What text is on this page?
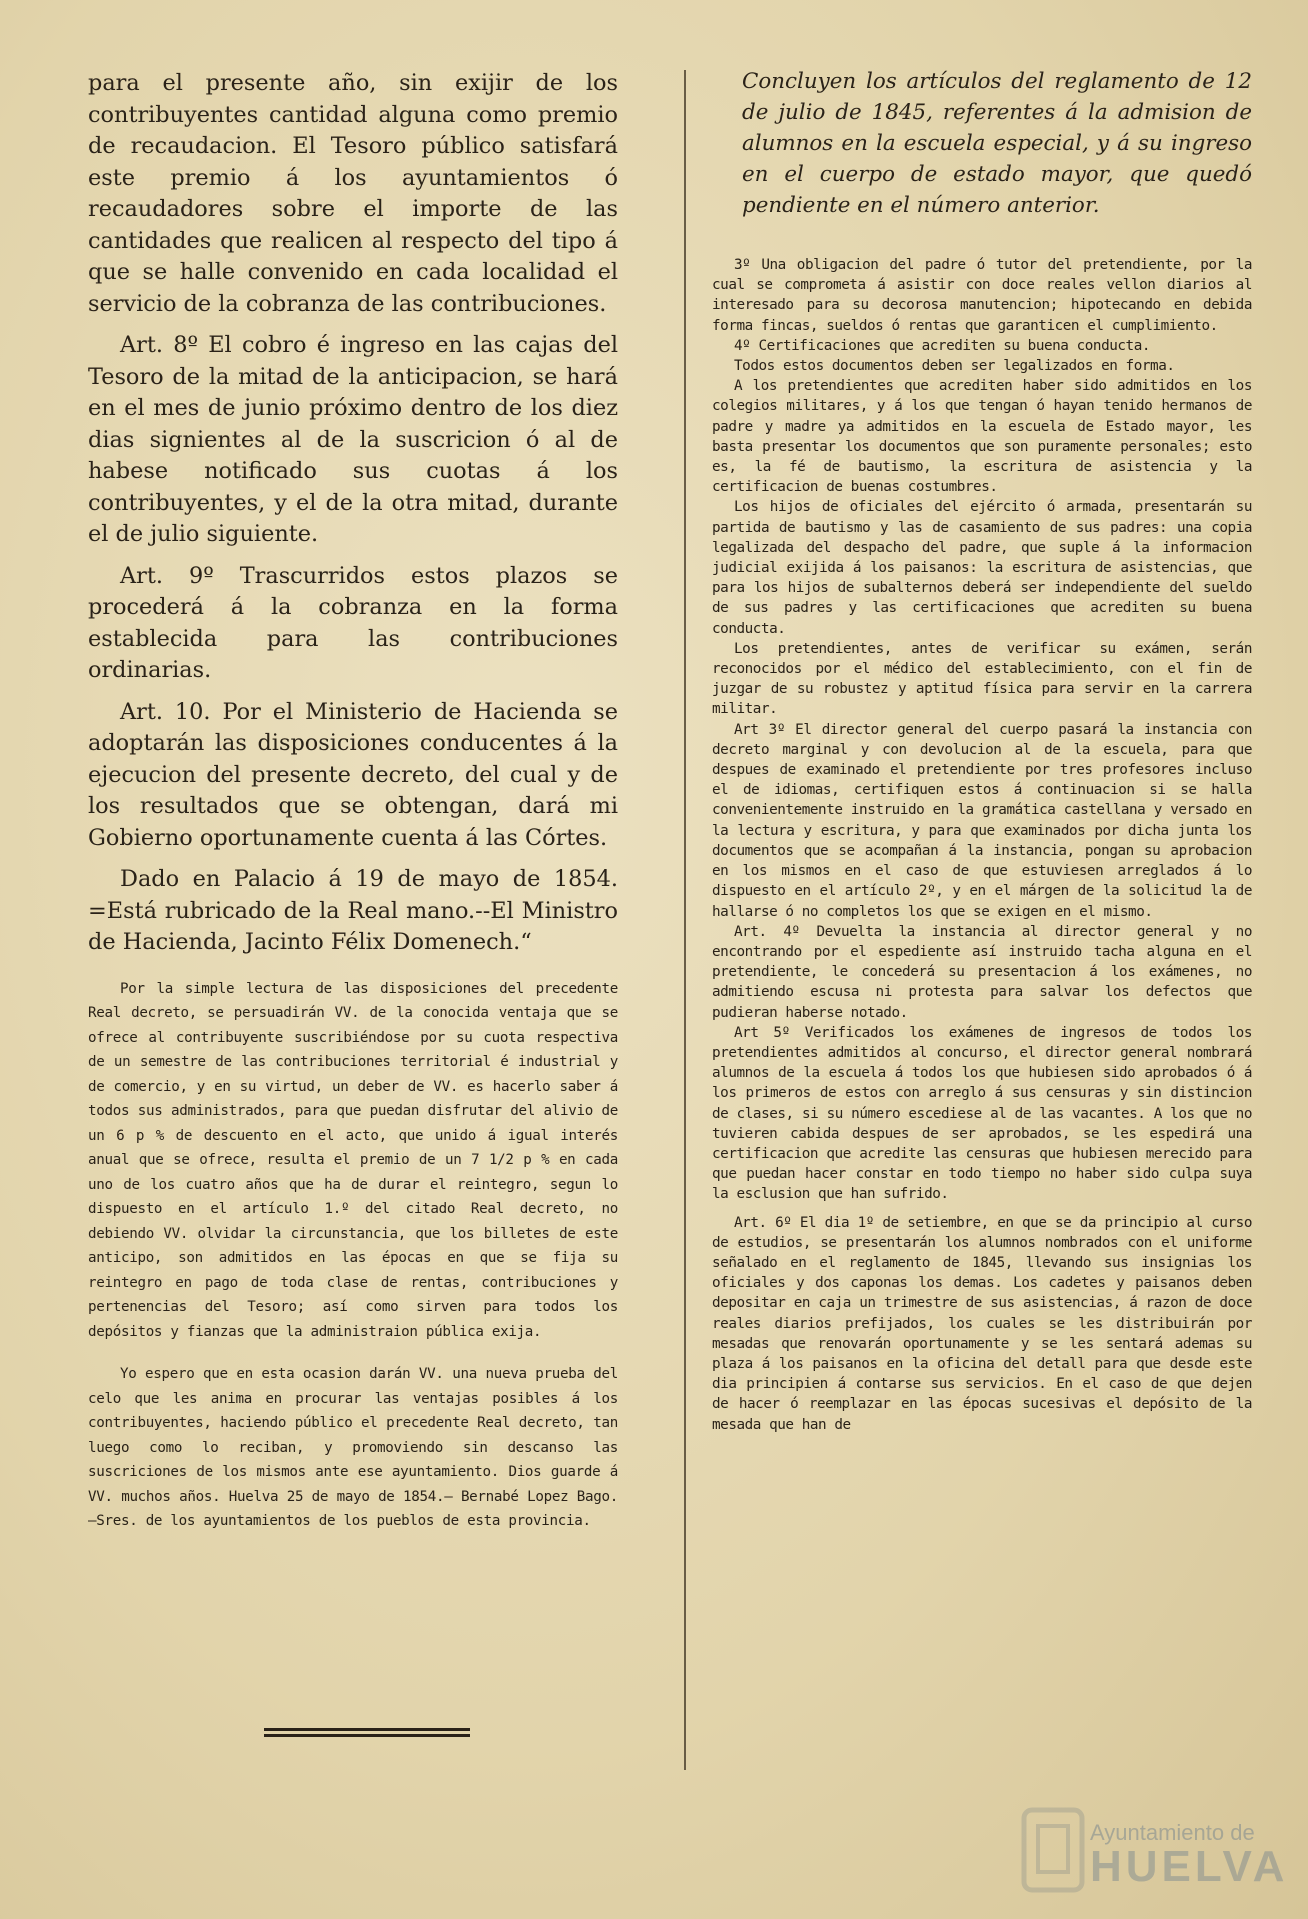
para el presente año, sin exijir de los contribuyentes cantidad alguna como premio de recaudacion. El Tesoro público satisfará este premio á los ayuntamientos ó recaudadores sobre el importe de las cantidades que realicen al respecto del tipo á que se halle convenido en cada localidad el servicio de la cobranza de las contribuciones.

Art. 8º El cobro é ingreso en las cajas del Tesoro de la mitad de la anticipacion, se hará en el mes de junio próximo dentro de los diez dias signientes al de la suscricion ó al de habese notificado sus cuotas á los contribuyentes, y el de la otra mitad, durante el de julio siguiente.

Art. 9º Trascurridos estos plazos se procederá á la cobranza en la forma establecida para las contribuciones ordinarias.

Art. 10. Por el Ministerio de Hacienda se adoptarán las disposiciones conducentes á la ejecucion del presente decreto, del cual y de los resultados que se obtengan, dará mi Gobierno oportunamente cuenta á las Córtes.

Dado en Palacio á 19 de mayo de 1854. =Está rubricado de la Real mano.--El Ministro de Hacienda, Jacinto Félix Domenech.“

Por la simple lectura de las disposiciones del precedente Real decreto, se persuadirán VV. de la conocida ventaja que se ofrece al contribuyente suscribiéndose por su cuota respectiva de un semestre de las contribuciones territorial é industrial y de comercio, y en su virtud, un deber de VV. es hacerlo saber á todos sus administrados, para que puedan disfrutar del alivio de un 6 p % de descuento en el acto, que unido á igual interés anual que se ofrece, resulta el premio de un 7 1/2 p % en cada uno de los cuatro años que ha de durar el reintegro, segun lo dispuesto en el artículo 1.º del citado Real decreto, no debiendo VV. olvidar la circunstancia, que los billetes de este anticipo, son admitidos en las épocas en que se fija su reintegro en pago de toda clase de rentas, contribuciones y pertenencias del Tesoro; así como sirven para todos los depósitos y fianzas que la administraion pública exija.

Yo espero que en esta ocasion darán VV. una nueva prueba del celo que les anima en procurar las ventajas posibles á los contribuyentes, haciendo público el precedente Real decreto, tan luego como lo reciban, y promoviendo sin descanso las suscriciones de los mismos ante ese ayuntamiento. Dios guarde á VV. muchos años. Huelva 25 de mayo de 1854.— Bernabé Lopez Bago.—Sres. de los ayuntamientos de los pueblos de esta provincia.

Concluyen los artículos del reglamento de 12 de julio de 1845, referentes á la admision de alumnos en la escuela especial, y á su ingreso en el cuerpo de estado mayor, que quedó pendiente en el número anterior.

3º Una obligacion del padre ó tutor del pretendiente, por la cual se comprometa á asistir con doce reales vellon diarios al interesado para su decorosa manutencion; hipotecando en debida forma fincas, sueldos ó rentas que garanticen el cumplimiento.

4º Certificaciones que acrediten su buena conducta.

Todos estos documentos deben ser legalizados en forma.

A los pretendientes que acrediten haber sido admitidos en los colegios militares, y á los que tengan ó hayan tenido hermanos de padre y madre ya admitidos en la escuela de Estado mayor, les basta presentar los documentos que son puramente personales; esto es, la fé de bautismo, la escritura de asistencia y la certificacion de buenas costumbres.

Los hijos de oficiales del ejército ó armada, presentarán su partida de bautismo y las de casamiento de sus padres: una copia legalizada del despacho del padre, que suple á la informacion judicial exijida á los paisanos: la escritura de asistencias, que para los hijos de subalternos deberá ser independiente del sueldo de sus padres y las certificaciones que acrediten su buena conducta.

Los pretendientes, antes de verificar su exámen, serán reconocidos por el médico del establecimiento, con el fin de juzgar de su robustez y aptitud física para servir en la carrera militar.

Art 3º El director general del cuerpo pasará la instancia con decreto marginal y con devolucion al de la escuela, para que despues de examinado el pretendiente por tres profesores incluso el de idiomas, certifiquen estos á continuacion si se halla convenientemente instruido en la gramática castellana y versado en la lectura y escritura, y para que examinados por dicha junta los documentos que se acompañan á la instancia, pongan su aprobacion en los mismos en el caso de que estuviesen arreglados á lo dispuesto en el artículo 2º, y en el márgen de la solicitud la de hallarse ó no completos los que se exigen en el mismo.

Art. 4º Devuelta la instancia al director general y no encontrando por el espediente así instruido tacha alguna en el pretendiente, le concederá su presentacion á los exámenes, no admitiendo escusa ni protesta para salvar los defectos que pudieran haberse notado.

Art 5º Verificados los exámenes de ingresos de todos los pretendientes admitidos al concurso, el director general nombrará alumnos de la escuela á todos los que hubiesen sido aprobados ó á los primeros de estos con arreglo á sus censuras y sin distincion de clases, si su número escediese al de las vacantes. A los que no tuvieren cabida despues de ser aprobados, se les espedirá una certificacion que acredite las censuras que hubiesen merecido para que puedan hacer constar en todo tiempo no haber sido culpa suya la esclusion que han sufrido.

Art. 6º El dia 1º de setiembre, en que se da principio al curso de estudios, se presentarán los alumnos nombrados con el uniforme señalado en el reglamento de 1845, llevando sus insignias los oficiales y dos caponas los demas. Los cadetes y paisanos deben depositar en caja un trimestre de sus asistencias, á razon de doce reales diarios prefijados, los cuales se les distribuirán por mesadas que renovarán oportunamente y se les sentará ademas su plaza á los paisanos en la oficina del detall para que desde este dia principien á contarse sus servicios. En el caso de que dejen de hacer ó reemplazar en las épocas sucesivas el depósito de la mesada que han de

Ayuntamiento de
HUELVA
